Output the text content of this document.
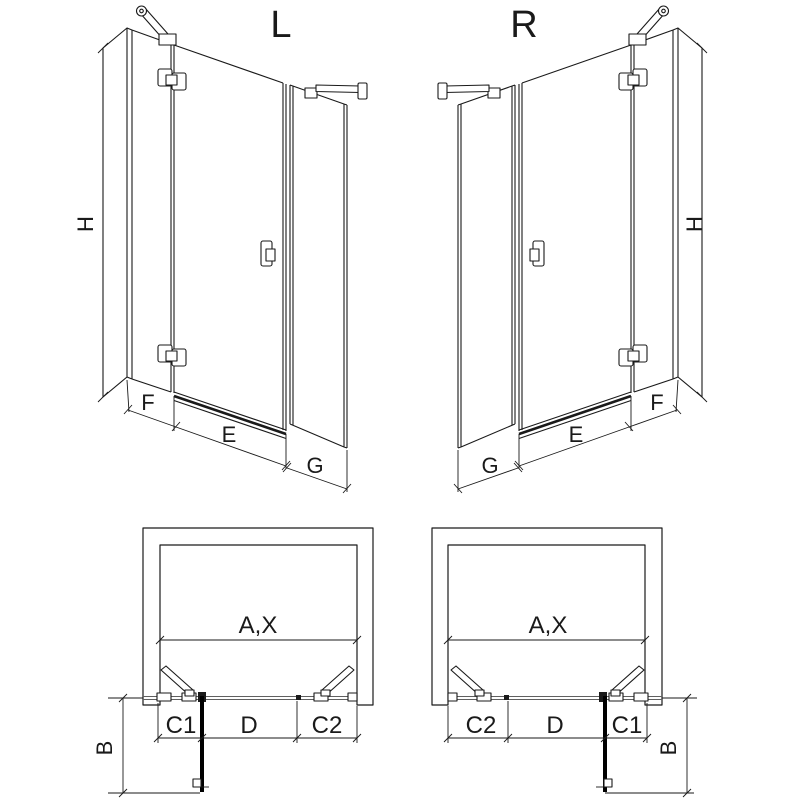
L
H
F
E
G
R
H
F
E
G
A,X
C1 D C2
B
A,X
C2 D C1
B
